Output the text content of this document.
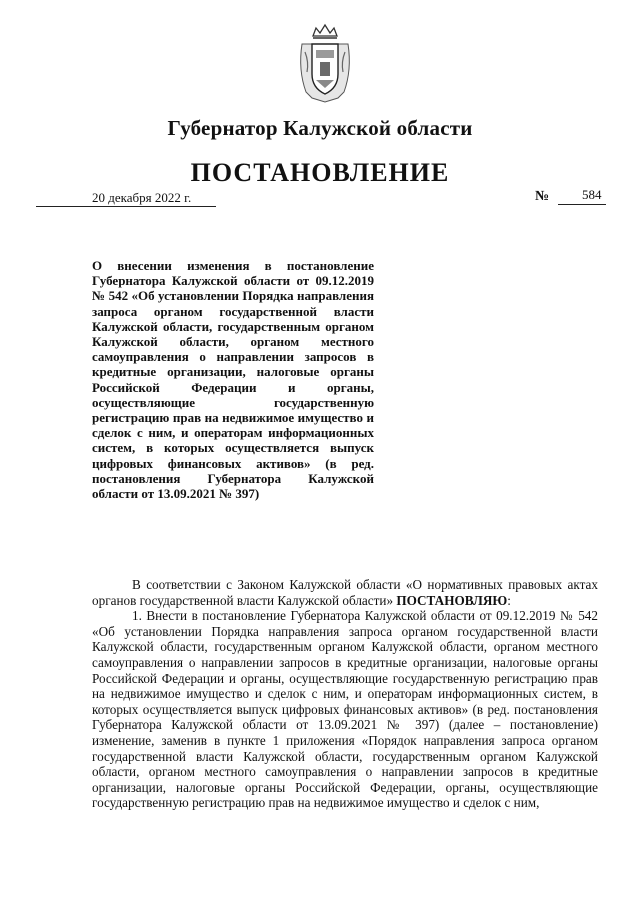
Губернатор Калужской области
ПОСТАНОВЛЕНИЕ
20 декабря 2022 г.	№	584
О внесении изменения в постановление Губернатора Калужской области от 09.12.2019 № 542 «Об установлении Порядка направления запроса органом государственной власти Калужской области, государственным органом Калужской области, органом местного самоуправления о направлении запросов в кредитные организации, налоговые органы Российской Федерации и органы, осуществляющие государственную регистрацию прав на недвижимое имущество и сделок с ним, и операторам информационных систем, в которых осуществляется выпуск цифровых финансовых активов» (в ред. постановления Губернатора Калужской области от 13.09.2021 № 397)

В соответствии с Законом Калужской области «О нормативных правовых актах органов государственной власти Калужской области» ПОСТАНОВЛЯЮ:

1. Внести в постановление Губернатора Калужской области от 09.12.2019 № 542 «Об установлении Порядка направления запроса органом государственной власти Калужской области, государственным органом Калужской области, органом местного самоуправления о направлении запросов в кредитные организации, налоговые органы Российской Федерации и органы, осуществляющие государственную регистрацию прав на недвижимое имущество и сделок с ним, и операторам информационных систем, в которых осуществляется выпуск цифровых финансовых активов» (в ред. постановления Губернатора Калужской области от 13.09.2021 № 397) (далее – постановление) изменение, заменив в пункте 1 приложения «Порядок направления запроса органом государственной власти Калужской области, государственным органом Калужской области, органом местного самоуправления о направлении запросов в кредитные организации, налоговые органы Российской Федерации, органы, осуществляющие государственную регистрацию прав на недвижимое имущество и сделок с ним,
